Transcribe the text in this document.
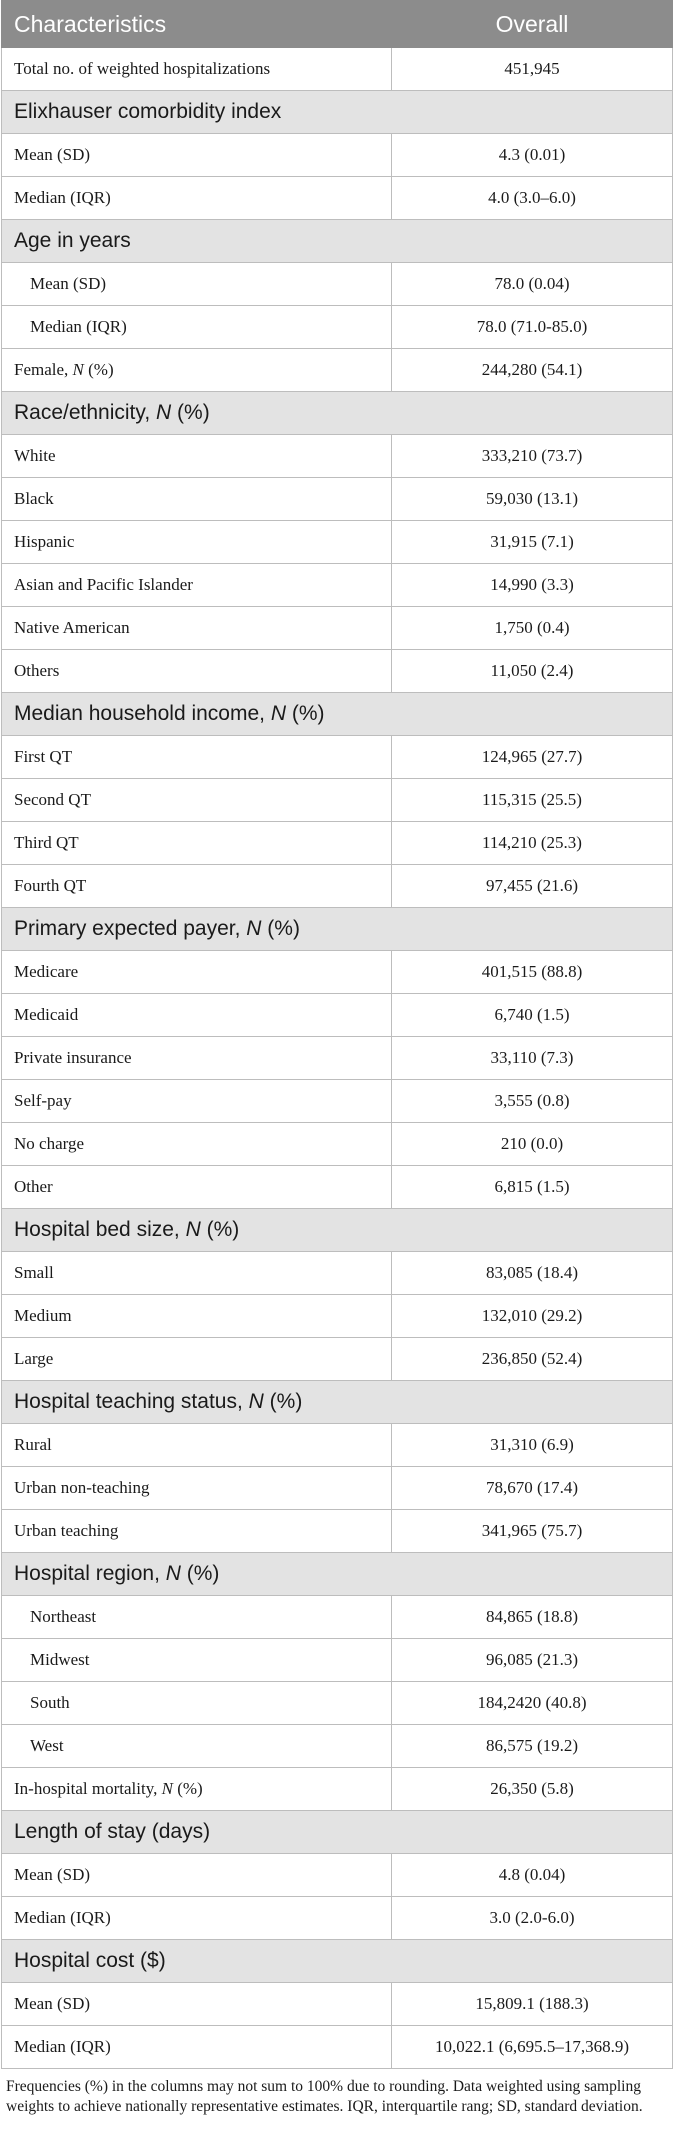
Characteristics	Overall
Total no. of weighted hospitalizations	451,945
Elixhauser comorbidity index	
Mean (SD)	4.3 (0.01)
Median (IQR)	4.0 (3.0–6.0)
Age in years	
Mean (SD)	78.0 (0.04)
Median (IQR)	78.0 (71.0-85.0)
Female, N (%)	244,280 (54.1)
Race/ethnicity, N (%)	
White	333,210 (73.7)
Black	59,030 (13.1)
Hispanic	31,915 (7.1)
Asian and Pacific Islander	14,990 (3.3)
Native American	1,750 (0.4)
Others	11,050 (2.4)
Median household income, N (%)	
First QT	124,965 (27.7)
Second QT	115,315 (25.5)
Third QT	114,210 (25.3)
Fourth QT	97,455 (21.6)
Primary expected payer, N (%)	
Medicare	401,515 (88.8)
Medicaid	6,740 (1.5)
Private insurance	33,110 (7.3)
Self-pay	3,555 (0.8)
No charge	210 (0.0)
Other	6,815 (1.5)
Hospital bed size, N (%)	
Small	83,085 (18.4)
Medium	132,010 (29.2)
Large	236,850 (52.4)
Hospital teaching status, N (%)	
Rural	31,310 (6.9)
Urban non-teaching	78,670 (17.4)
Urban teaching	341,965 (75.7)
Hospital region, N (%)	
Northeast	84,865 (18.8)
Midwest	96,085 (21.3)
South	184,2420 (40.8)
West	86,575 (19.2)
In-hospital mortality, N (%)	26,350 (5.8)
Length of stay (days)	
Mean (SD)	4.8 (0.04)
Median (IQR)	3.0 (2.0-6.0)
Hospital cost ($)	
Mean (SD)	15,809.1 (188.3)
Median (IQR)	10,022.1 (6,695.5–17,368.9)
Frequencies (%) in the columns may not sum to 100% due to rounding. Data weighted using sampling weights to achieve nationally representative estimates. IQR, interquartile rang; SD, standard deviation.
